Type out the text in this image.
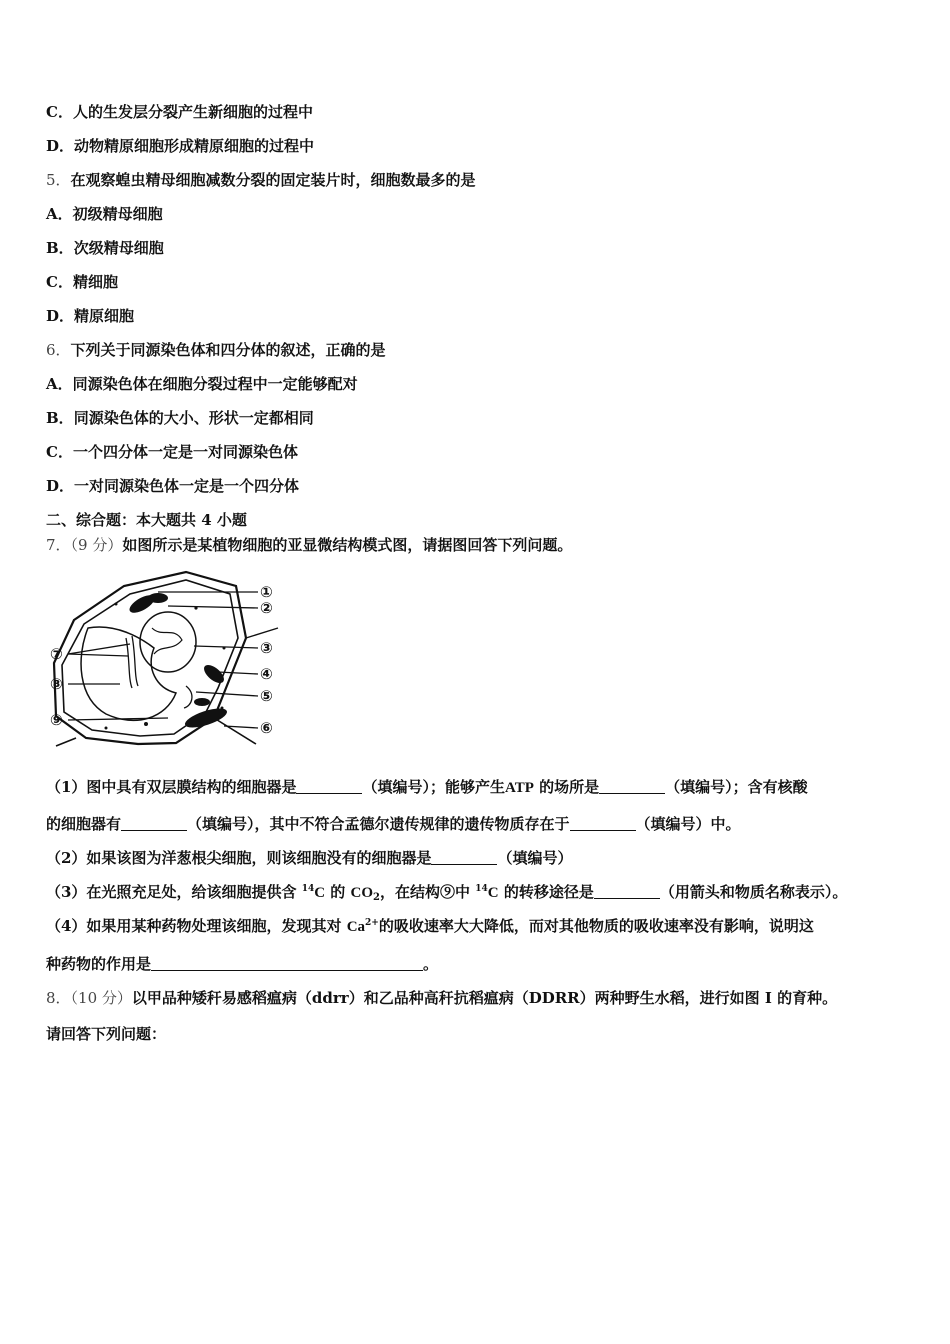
C．人的生发层分裂产生新细胞的过程中
D．动物精原细胞形成精原细胞的过程中
5．在观察蝗虫精母细胞减数分裂的固定装片时，细胞数最多的是
A．初级精母细胞
B．次级精母细胞
C．精细胞
D．精原细胞
6．下列关于同源染色体和四分体的叙述，正确的是
A．同源染色体在细胞分裂过程中一定能够配对
B．同源染色体的大小、形状一定都相同
C．一个四分体一定是一对同源染色体
D．一对同源染色体一定是一个四分体
二、综合题：本大题共 4 小题
7．（9 分）如图所示是某植物细胞的亚显微结构模式图，请据图回答下列问题。
①
②
③
④
⑤
⑥
⑦
⑧
⑨
（1）图中具有双层膜结构的细胞器是	（填编号）；能够产生ATP 的场所是	（填编号）；含有核酸
的细胞器有	（填编号），其中不符合孟德尔遗传规律的遗传物质存在于	（填编号）中。
（2）如果该图为洋葱根尖细胞，则该细胞没有的细胞器是	（填编号）
（3）在光照充足处，给该细胞提供含 $^{14}$C 的 $CO_2$，在结构⑨中 $^{14}$C 的转移途径是	（用箭头和物质名称表示）。
（4）如果用某种药物处理该细胞，发现其对 $Ca^{2+}$的吸收速率大大降低，而对其他物质的吸收速率没有影响，说明这
种药物的作用是	。
8．（10 分）以甲品种矮秆易感稻瘟病（ddrr）和乙品种高秆抗稻瘟病（DDRR）两种野生水稻，进行如图 I 的育种。
请回答下列问题：
